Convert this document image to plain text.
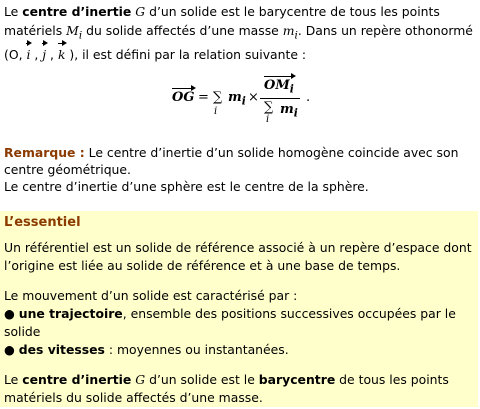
Le centre d’inertie G d’un solide est le barycentre de tous les points matériels $M_i$ du solide affectés d’une masse $m_i$. Dans un repère othonormé (O, i , j , k ), il est défini par la relation suivante :

OG = ∑
i
$m_i$ ×
$OM_i$
∑
i
$m_i$
.

Remarque : Le centre d’inertie d’un solide homogène coincide avec son centre géométrique.

Le centre d’inertie d’une sphère est le centre de la sphère.

L’essentiel

Un référentiel est un solide de référence associé à un repère d’espace dont l’origine est liée au solide de référence et à une base de temps.

Le mouvement d’un solide est caractérisé par :

● une trajectoire, ensemble des positions successives occupées par le solide

● des vitesses : moyennes ou instantanées.

Le centre d’inertie G d’un solide est le barycentre de tous les points matériels du solide affectés d’une masse.
